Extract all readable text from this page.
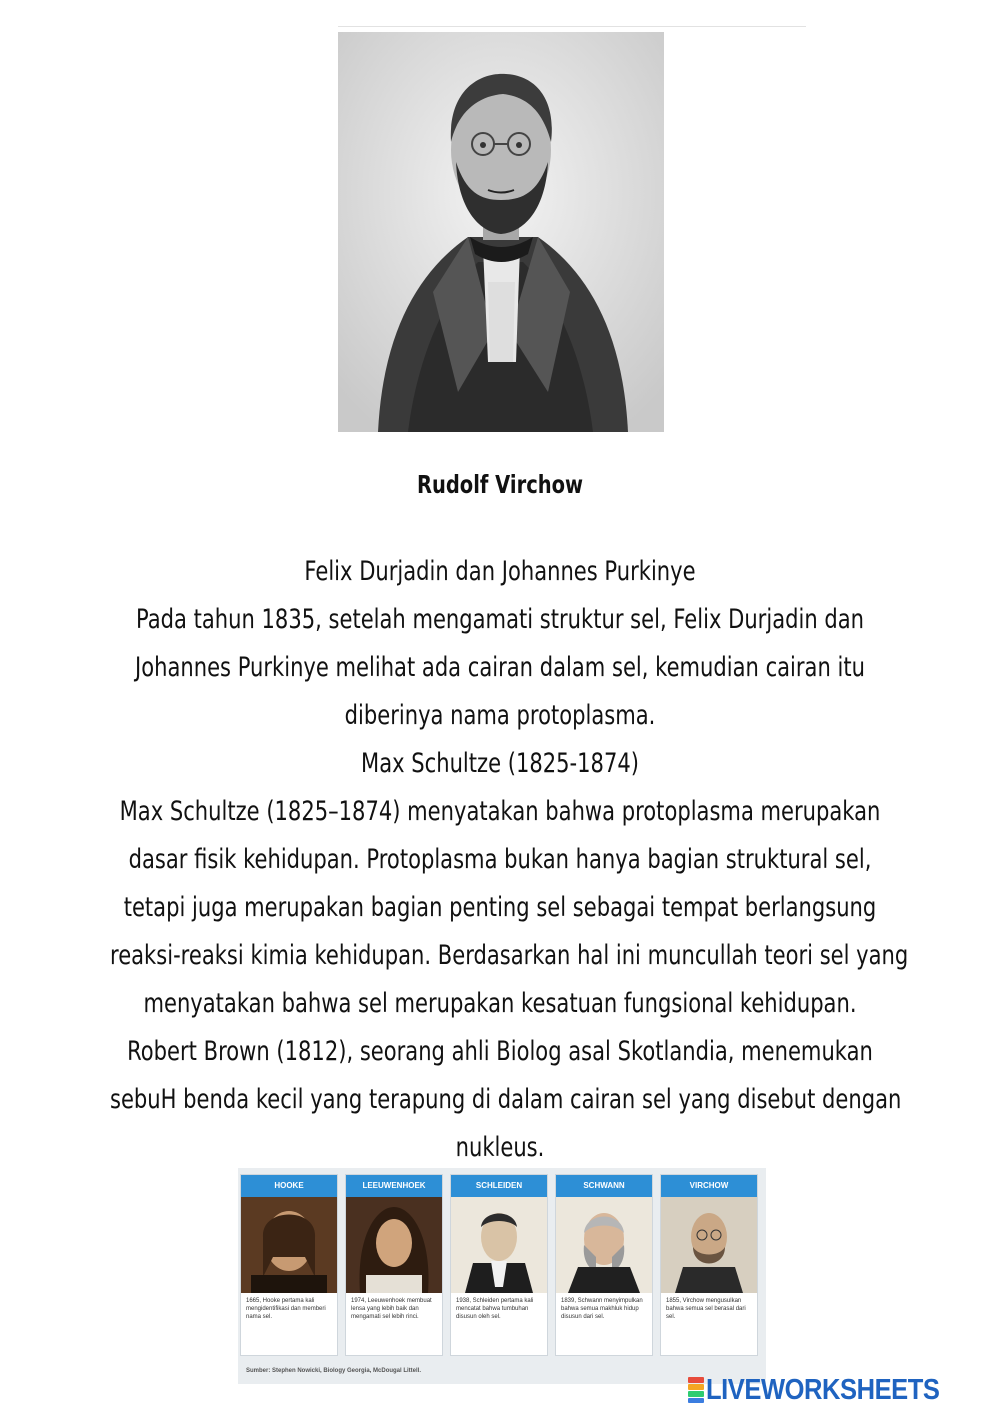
Rudolf Virchow
Felix Durjadin dan Johannes Purkinye
Pada tahun 1835, setelah mengamati struktur sel, Felix Durjadin dan
Johannes Purkinye melihat ada cairan dalam sel, kemudian cairan itu
diberinya nama protoplasma.
Max Schultze (1825-1874)
Max Schultze (1825–1874) menyatakan bahwa protoplasma merupakan
dasar fisik kehidupan. Protoplasma bukan hanya bagian struktural sel,
tetapi juga merupakan bagian penting sel sebagai tempat berlangsung
reaksi-reaksi kimia kehidupan. Berdasarkan hal ini muncullah teori sel yang
menyatakan bahwa sel merupakan kesatuan fungsional kehidupan.
Robert Brown (1812), seorang ahli Biolog asal Skotlandia, menemukan
sebuH benda kecil yang terapung di dalam cairan sel yang disebut dengan
nukleus.
HOOKE
1665, Hooke pertama kali mengidentifikasi dan memberi nama sel.
LEEUWENHOEK
1974, Leeuwenhoek membuat lensa yang lebih baik dan mengamati sel lebih rinci.
SCHLEIDEN
1938, Schleiden pertama kali mencatat bahwa tumbuhan disusun oleh sel.
SCHWANN
1839, Schwann menyimpulkan bahwa semua makhluk hidup disusun dari sel.
VIRCHOW
1855, Virchow mengusulkan bahwa semua sel berasal dari sel.
Sumber: Stephen Nowicki, Biology Georgia, McDougal Littell.
LIVEWORKSHEETS
